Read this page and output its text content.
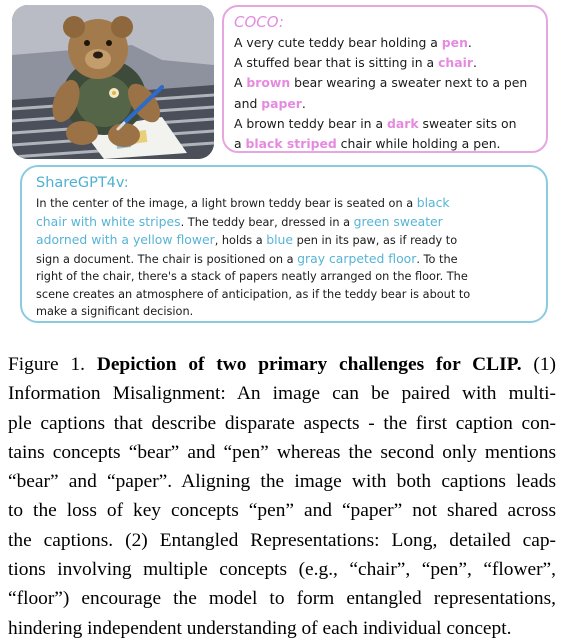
COCO:
A very cute teddy bear holding a pen.
A stuffed bear that is sitting in a chair.
A brown bear wearing a sweater next to a pen
and paper.
A brown teddy bear in a dark sweater sits on
a black striped chair while holding a pen.
ShareGPT4v:
In the center of the image, a light brown teddy bear is seated on a black
chair with white stripes. The teddy bear, dressed in a green sweater
adorned with a yellow flower, holds a blue pen in its paw, as if ready to
sign a document. The chair is positioned on a gray carpeted floor. To the
right of the chair, there's a stack of papers neatly arranged on the floor. The
scene creates an atmosphere of anticipation, as if the teddy bear is about to
make a significant decision.
Figure 1. Depiction of two primary challenges for CLIP. (1)
Information Misalignment: An image can be paired with multi-
ple captions that describe disparate aspects - the first caption con-
tains concepts “bear” and “pen” whereas the second only mentions
“bear” and “paper”. Aligning the image with both captions leads
to the loss of key concepts “pen” and “paper” not shared across
the captions. (2) Entangled Representations: Long, detailed cap-
tions involving multiple concepts (e.g., “chair”, “pen”, “flower”,
“floor”) encourage the model to form entangled representations,
hindering independent understanding of each individual concept.
